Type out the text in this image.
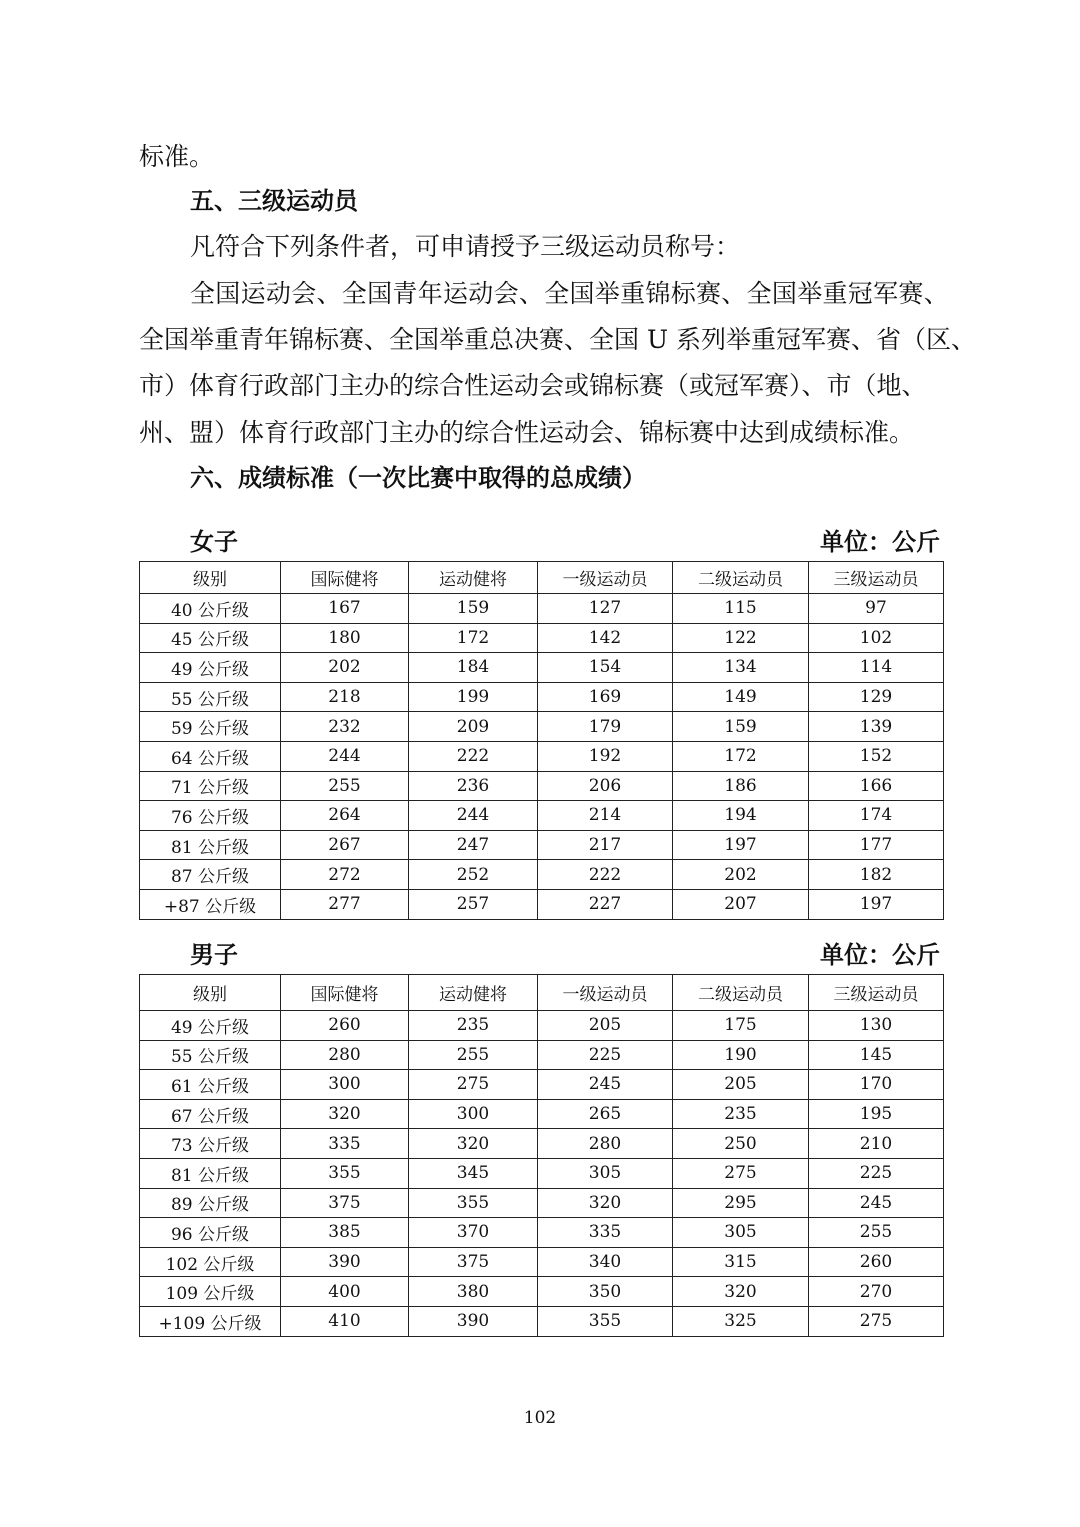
标准。
五、三级运动员
凡符合下列条件者，可申请授予三级运动员称号：
全国运动会、全国青年运动会、全国举重锦标赛、全国举重冠军赛、
全国举重青年锦标赛、全国举重总决赛、全国 U 系列举重冠军赛、省（区、
市）体育行政部门主办的综合性运动会或锦标赛（或冠军赛）、市（地、
州、盟）体育行政部门主办的综合性运动会、锦标赛中达到成绩标准。
六、成绩标准（一次比赛中取得的总成绩）
女子	单位：公斤
级别	国际健将	运动健将	一级运动员	二级运动员	三级运动员
40 公斤级	167	159	127	115	97
45 公斤级	180	172	142	122	102
49 公斤级	202	184	154	134	114
55 公斤级	218	199	169	149	129
59 公斤级	232	209	179	159	139
64 公斤级	244	222	192	172	152
71 公斤级	255	236	206	186	166
76 公斤级	264	244	214	194	174
81 公斤级	267	247	217	197	177
87 公斤级	272	252	222	202	182
+87 公斤级	277	257	227	207	197
男子	单位：公斤
级别	国际健将	运动健将	一级运动员	二级运动员	三级运动员
49 公斤级	260	235	205	175	130
55 公斤级	280	255	225	190	145
61 公斤级	300	275	245	205	170
67 公斤级	320	300	265	235	195
73 公斤级	335	320	280	250	210
81 公斤级	355	345	305	275	225
89 公斤级	375	355	320	295	245
96 公斤级	385	370	335	305	255
102 公斤级	390	375	340	315	260
109 公斤级	400	380	350	320	270
+109 公斤级	410	390	355	325	275
102
